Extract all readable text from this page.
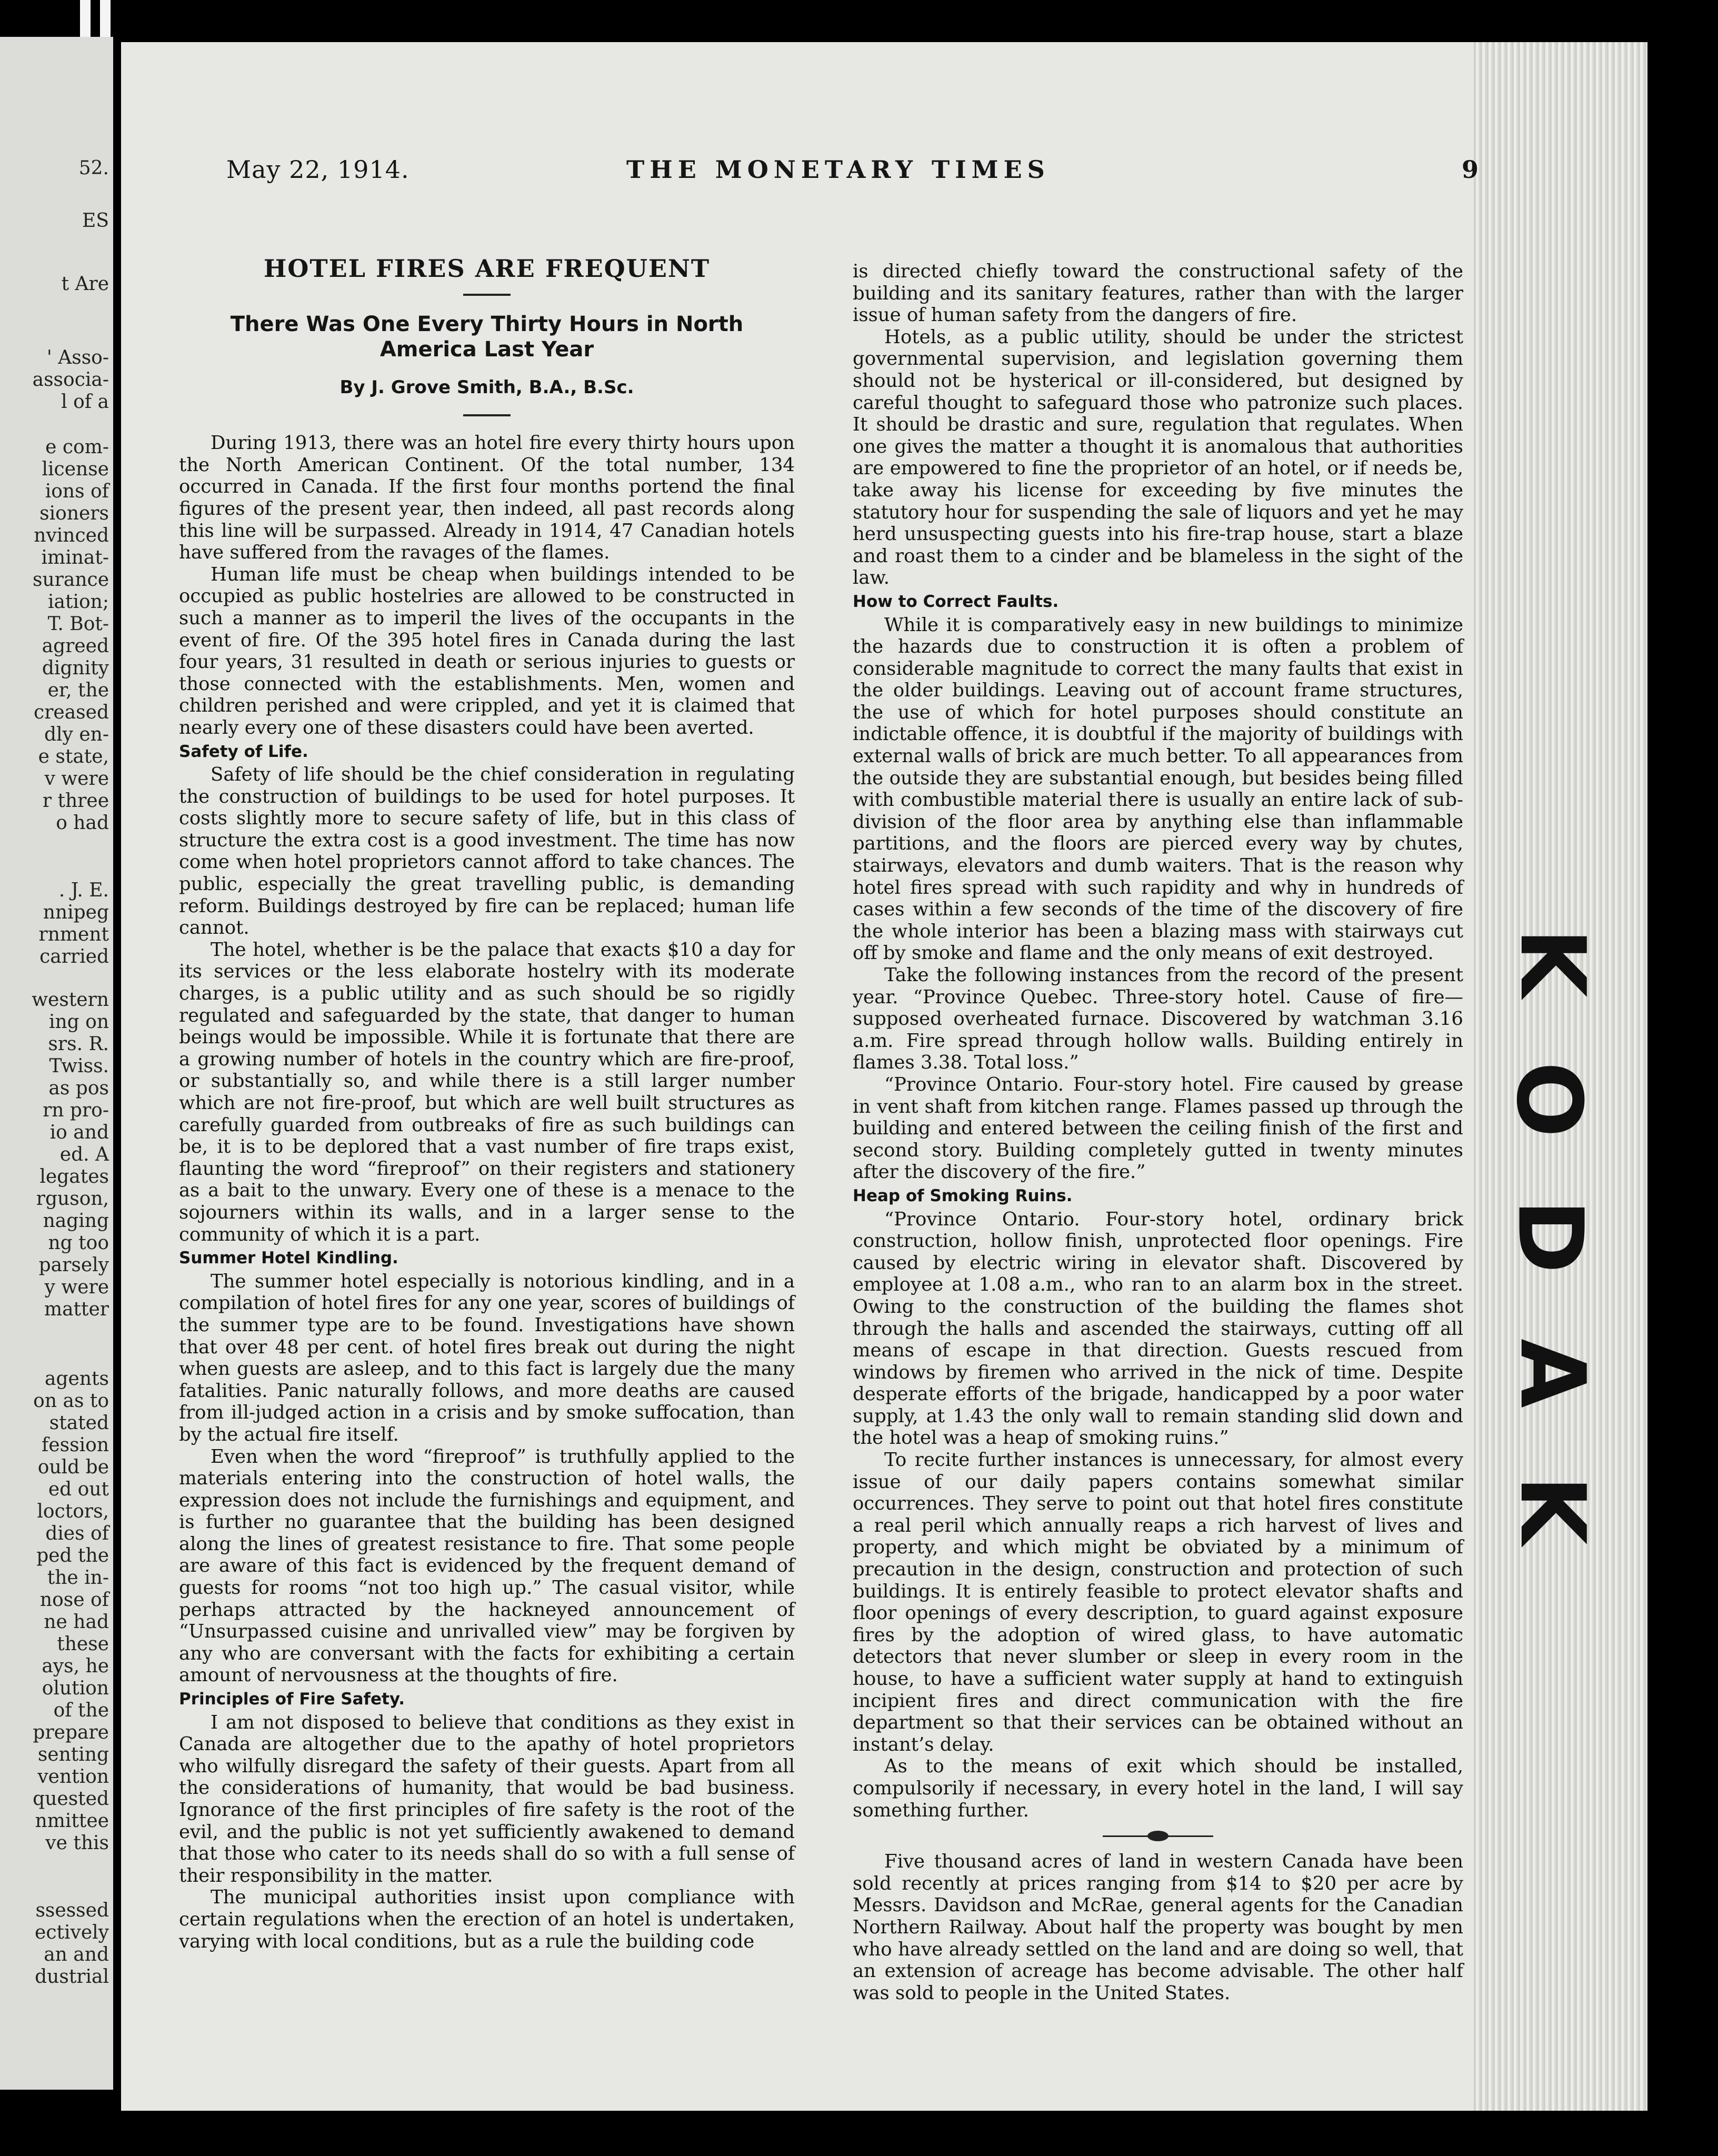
52.
ES
t Are
' Asso-
associa-
l of a
e com-
license
ions of
sioners
nvinced
iminat-
surance
iation;
T. Bot-
agreed
dignity
er, the
creased
dly en-
e state,
v were
r three
o had
. J. E.
nnipeg
rnment
carried
western
ing on
srs. R.
Twiss.
as pos
rn pro-
io and
ed. A
legates
rguson,
naging
ng too
parsely
y were
matter
agents
on as to
stated
fession
ould be
ed out
loctors,
dies of
ped the
the in-
nose of
ne had
these
ays, he
olution
of the
prepare
senting
vention
quested
nmittee
ve this
ssessed
ectively
an and
dustrial
K
O
D
A
K
May 22, 1914.	THE MONETARY TIMES	9
HOTEL FIRES ARE FREQUENT
There Was One Every Thirty Hours in North America Last Year
By J. Grove Smith, B.A., B.Sc.

During 1913, there was an hotel fire every thirty hours upon the North American Continent. Of the total number, 134 occurred in Canada. If the first four months portend the final figures of the present year, then indeed, all past records along this line will be surpassed. Already in 1914, 47 Canadian hotels have suffered from the ravages of the flames.

Human life must be cheap when buildings intended to be occupied as public hostelries are allowed to be constructed in such a manner as to imperil the lives of the occupants in the event of fire. Of the 395 hotel fires in Canada during the last four years, 31 resulted in death or serious injuries to guests or those connected with the establishments. Men, women and children perished and were crippled, and yet it is claimed that nearly every one of these disasters could have been averted.

Safety of Life.

Safety of life should be the chief consideration in regulating the construction of buildings to be used for hotel purposes. It costs slightly more to secure safety of life, but in this class of structure the extra cost is a good investment. The time has now come when hotel proprietors cannot afford to take chances. The public, especially the great travelling public, is demanding reform. Buildings destroyed by fire can be replaced; human life cannot.

The hotel, whether is be the palace that exacts $10 a day for its services or the less elaborate hostelry with its moderate charges, is a public utility and as such should be so rigidly regulated and safeguarded by the state, that danger to human beings would be impossible. While it is fortunate that there are a growing number of hotels in the country which are fire-proof, or substantially so, and while there is a still larger number which are not fire-proof, but which are well built structures as carefully guarded from outbreaks of fire as such buildings can be, it is to be deplored that a vast number of fire traps exist, flaunting the word “fireproof” on their registers and stationery as a bait to the unwary. Every one of these is a menace to the sojourners within its walls, and in a larger sense to the community of which it is a part.

Summer Hotel Kindling.

The summer hotel especially is notorious kindling, and in a compilation of hotel fires for any one year, scores of buildings of the summer type are to be found. Investigations have shown that over 48 per cent. of hotel fires break out during the night when guests are asleep, and to this fact is largely due the many fatalities. Panic naturally follows, and more deaths are caused from ill-judged action in a crisis and by smoke suffocation, than by the actual fire itself.

Even when the word “fireproof” is truthfully applied to the materials entering into the construction of hotel walls, the expression does not include the furnishings and equipment, and is further no guarantee that the building has been designed along the lines of greatest resistance to fire. That some people are aware of this fact is evidenced by the frequent demand of guests for rooms “not too high up.” The casual visitor, while perhaps attracted by the hackneyed announcement of “Unsurpassed cuisine and unrivalled view” may be forgiven by any who are conversant with the facts for exhibiting a certain amount of nervousness at the thoughts of fire.

Principles of Fire Safety.

I am not disposed to believe that conditions as they exist in Canada are altogether due to the apathy of hotel proprietors who wilfully disregard the safety of their guests. Apart from all the considerations of humanity, that would be bad business. Ignorance of the first principles of fire safety is the root of the evil, and the public is not yet sufficiently awakened to demand that those who cater to its needs shall do so with a full sense of their responsibility in the matter.

The municipal authorities insist upon compliance with certain regulations when the erection of an hotel is undertaken, varying with local conditions, but as a rule the building code

is directed chiefly toward the constructional safety of the building and its sanitary features, rather than with the larger issue of human safety from the dangers of fire.

Hotels, as a public utility, should be under the strictest governmental supervision, and legislation governing them should not be hysterical or ill-considered, but designed by careful thought to safeguard those who patronize such places. It should be drastic and sure, regulation that regulates. When one gives the matter a thought it is anomalous that authorities are empowered to fine the proprietor of an hotel, or if needs be, take away his license for exceeding by five minutes the statutory hour for suspending the sale of liquors and yet he may herd unsuspecting guests into his fire-trap house, start a blaze and roast them to a cinder and be blameless in the sight of the law.

How to Correct Faults.

While it is comparatively easy in new buildings to minimize the hazards due to construction it is often a problem of considerable magnitude to correct the many faults that exist in the older buildings. Leaving out of account frame structures, the use of which for hotel purposes should constitute an indictable offence, it is doubtful if the majority of buildings with external walls of brick are much better. To all appearances from the outside they are substantial enough, but besides being filled with combustible material there is usually an entire lack of sub-division of the floor area by anything else than inflammable partitions, and the floors are pierced every way by chutes, stairways, elevators and dumb waiters. That is the reason why hotel fires spread with such rapidity and why in hundreds of cases within a few seconds of the time of the discovery of fire the whole interior has been a blazing mass with stairways cut off by smoke and flame and the only means of exit destroyed.

Take the following instances from the record of the present year. “Province Quebec. Three-story hotel. Cause of fire—supposed overheated furnace. Discovered by watchman 3.16 a.m. Fire spread through hollow walls. Building entirely in flames 3.38. Total loss.”

“Province Ontario. Four-story hotel. Fire caused by grease in vent shaft from kitchen range. Flames passed up through the building and entered between the ceiling finish of the first and second story. Building completely gutted in twenty minutes after the discovery of the fire.”

Heap of Smoking Ruins.

“Province Ontario. Four-story hotel, ordinary brick construction, hollow finish, unprotected floor openings. Fire caused by electric wiring in elevator shaft. Discovered by employee at 1.08 a.m., who ran to an alarm box in the street. Owing to the construction of the building the flames shot through the halls and ascended the stairways, cutting off all means of escape in that direction. Guests rescued from windows by firemen who arrived in the nick of time. Despite desperate efforts of the brigade, handicapped by a poor water supply, at 1.43 the only wall to remain standing slid down and the hotel was a heap of smoking ruins.”

To recite further instances is unnecessary, for almost every issue of our daily papers contains somewhat similar occurrences. They serve to point out that hotel fires constitute a real peril which annually reaps a rich harvest of lives and property, and which might be obviated by a minimum of precaution in the design, construction and protection of such buildings. It is entirely feasible to protect elevator shafts and floor openings of every description, to guard against exposure fires by the adoption of wired glass, to have automatic detectors that never slumber or sleep in every room in the house, to have a sufficient water supply at hand to extinguish incipient fires and direct communication with the fire department so that their services can be obtained without an instant’s delay.

As to the means of exit which should be installed, compulsorily if necessary, in every hotel in the land, I will say something further.

Five thousand acres of land in western Canada have been sold recently at prices ranging from $14 to $20 per acre by Messrs. Davidson and McRae, general agents for the Canadian Northern Railway. About half the property was bought by men who have already settled on the land and are doing so well, that an extension of acreage has become advisable. The other half was sold to people in the United States.
